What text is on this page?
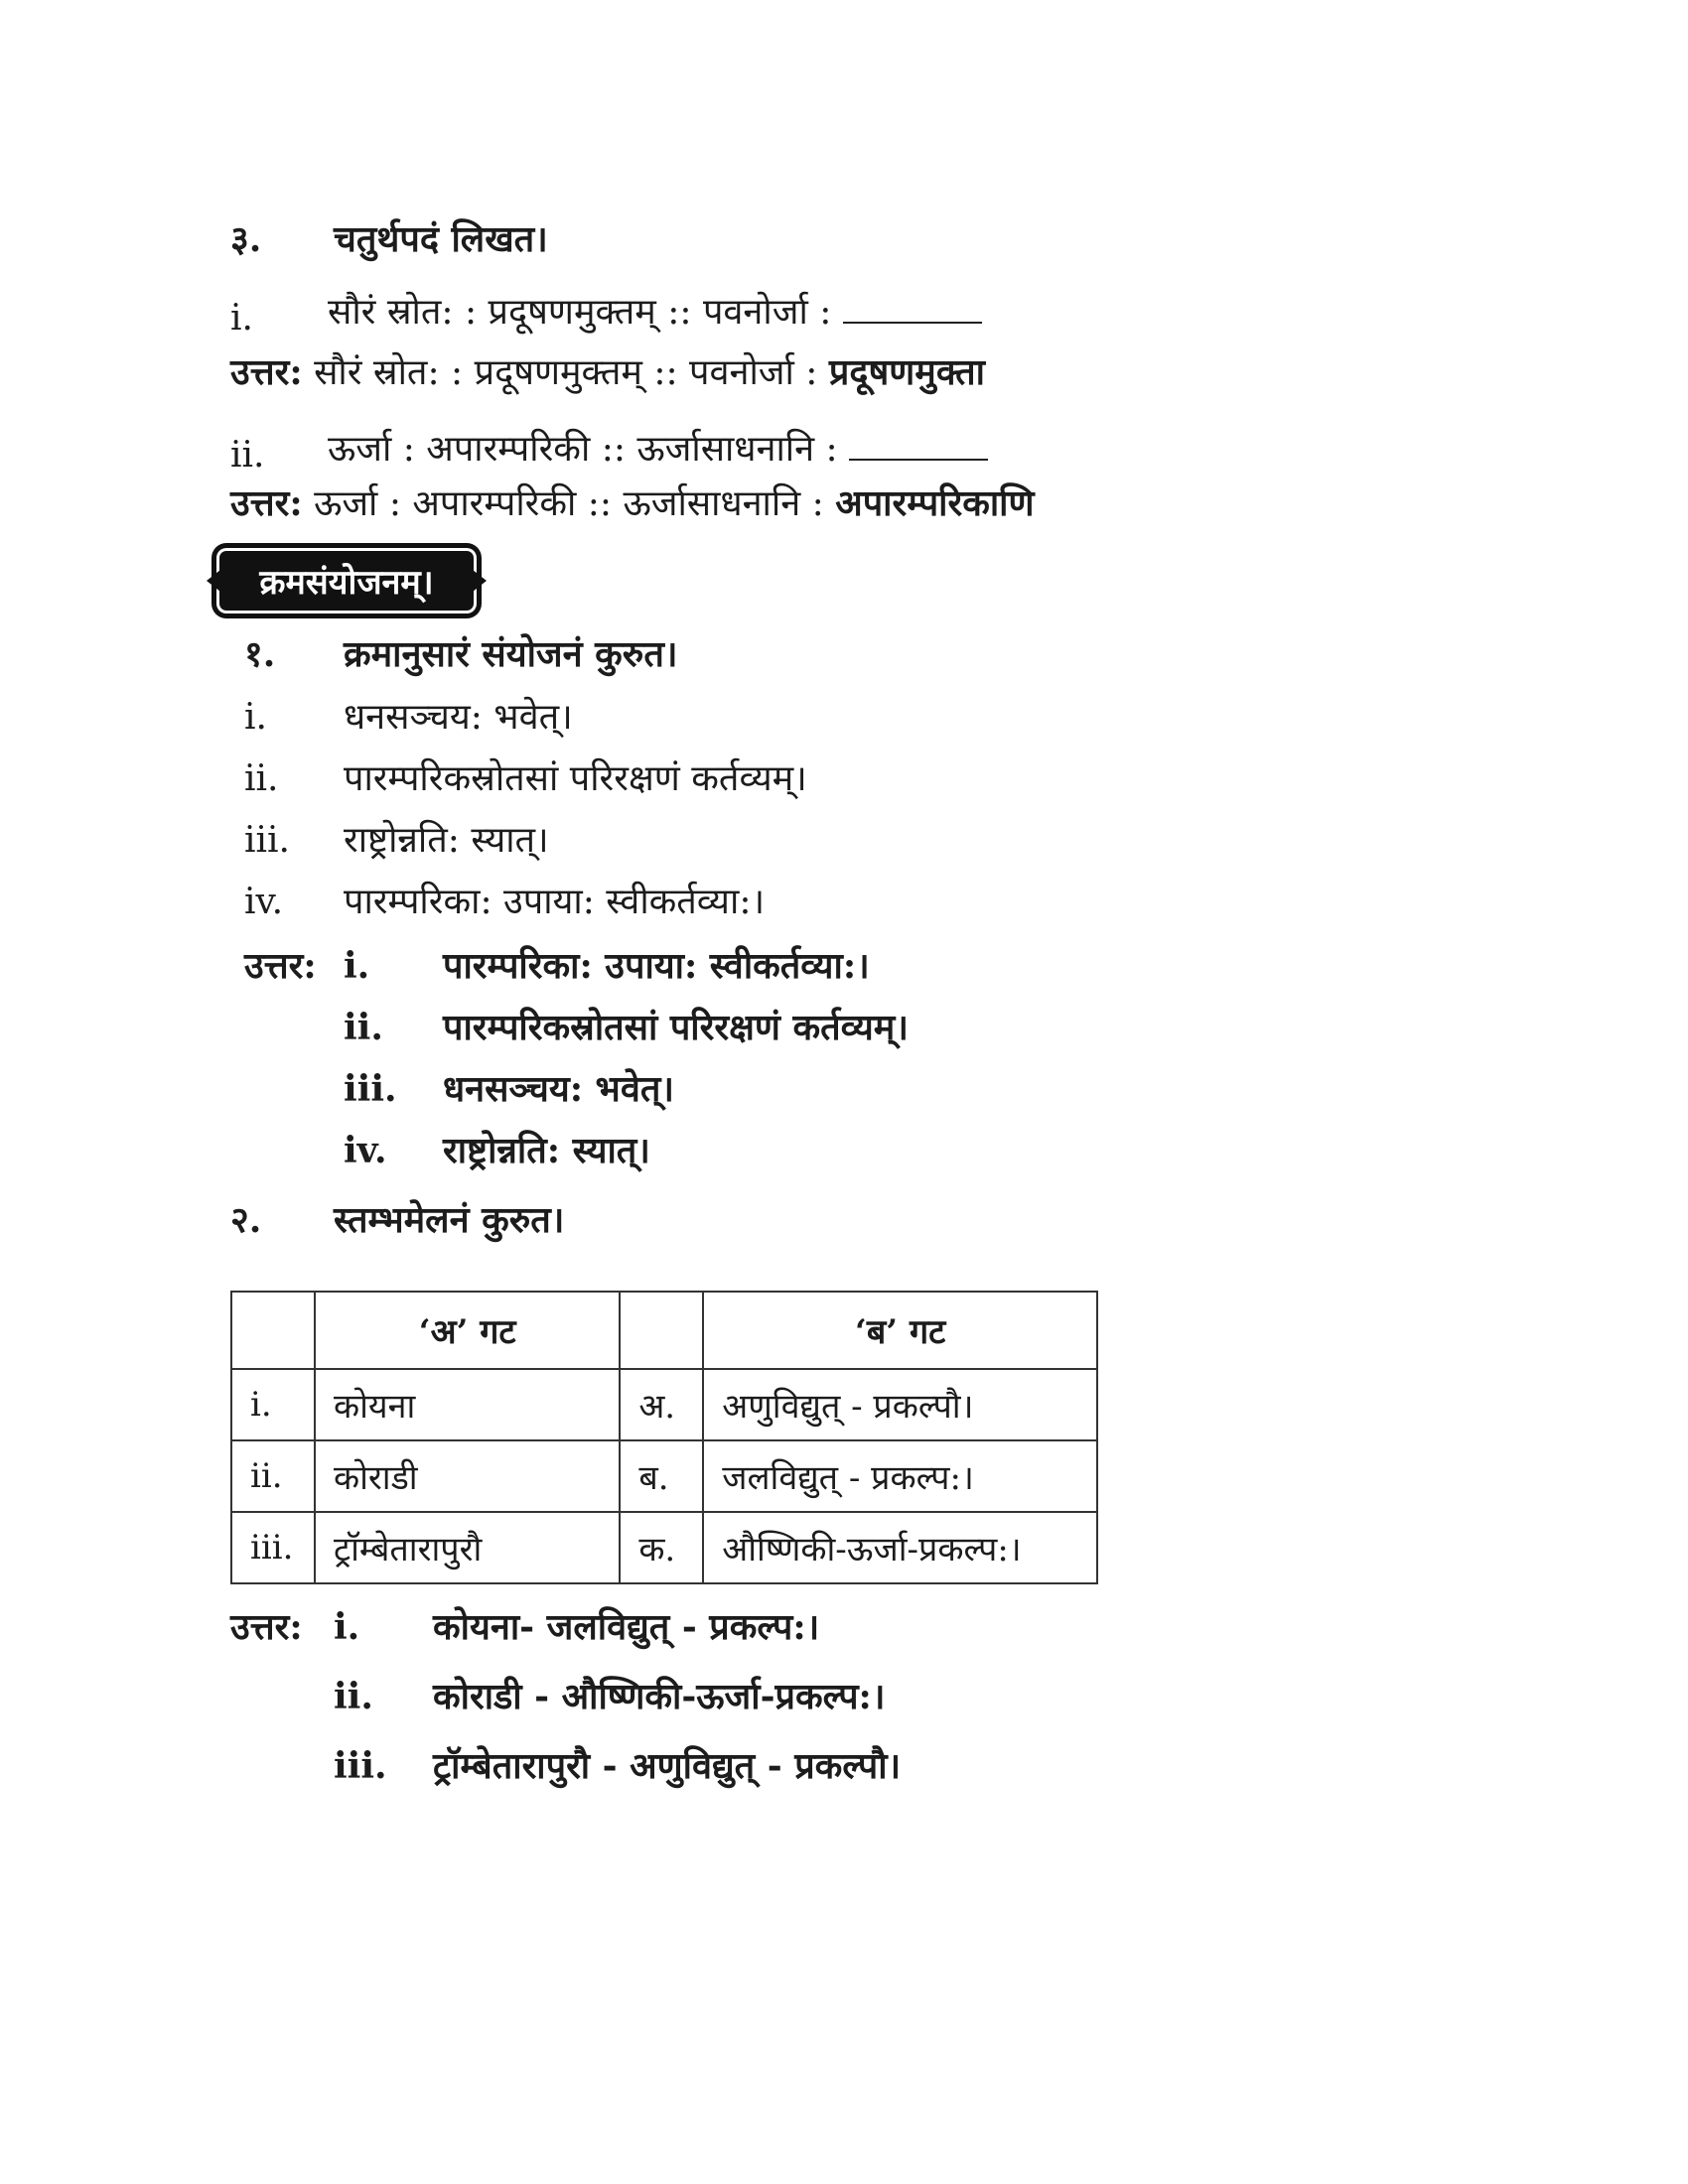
३. चतुर्थपदं लिखत।
i. सौरं स्रोत: : प्रदूषणमुक्तम् :: पवनोर्जा :
उत्तर: सौरं स्रोत: : प्रदूषणमुक्तम् :: पवनोर्जा : प्रदूषणमुक्ता
ii. ऊर्जा : अपारम्परिकी :: ऊर्जासाधनानि :
उत्तर: ऊर्जा : अपारम्परिकी :: ऊर्जासाधनानि : अपारम्परिकाणि
क्रमसंयोजनम्।
१. क्रमानुसारं संयोजनं कुरुत।
i. धनसञ्चय: भवेत्।
ii. पारम्परिकस्रोतसां परिरक्षणं कर्तव्यम्।
iii. राष्ट्रोन्नति: स्यात्।
iv. पारम्परिका: उपाया: स्वीकर्तव्या:।
उत्तर: i. पारम्परिका: उपाया: स्वीकर्तव्या:।
ii. पारम्परिकस्रोतसां परिरक्षणं कर्तव्यम्।
iii. धनसञ्चय: भवेत्।
iv. राष्ट्रोन्नति: स्यात्।
२. स्तम्भमेलनं कुरुत।
	‘अ’ गट		‘ब’ गट
i.	कोयना	अ.	अणुविद्युत् - प्रकल्पौ।
ii.	कोराडी	ब.	जलविद्युत् - प्रकल्प:।
iii.	ट्रॉम्बेतारापुरौ	क.	औष्णिकी-ऊर्जा-प्रकल्प:।
उत्तर: i. कोयना- जलविद्युत् - प्रकल्प:।
ii. कोराडी - औष्णिकी-ऊर्जा-प्रकल्प:।
iii. ट्रॉम्बेतारापुरौ - अणुविद्युत् - प्रकल्पौ।
